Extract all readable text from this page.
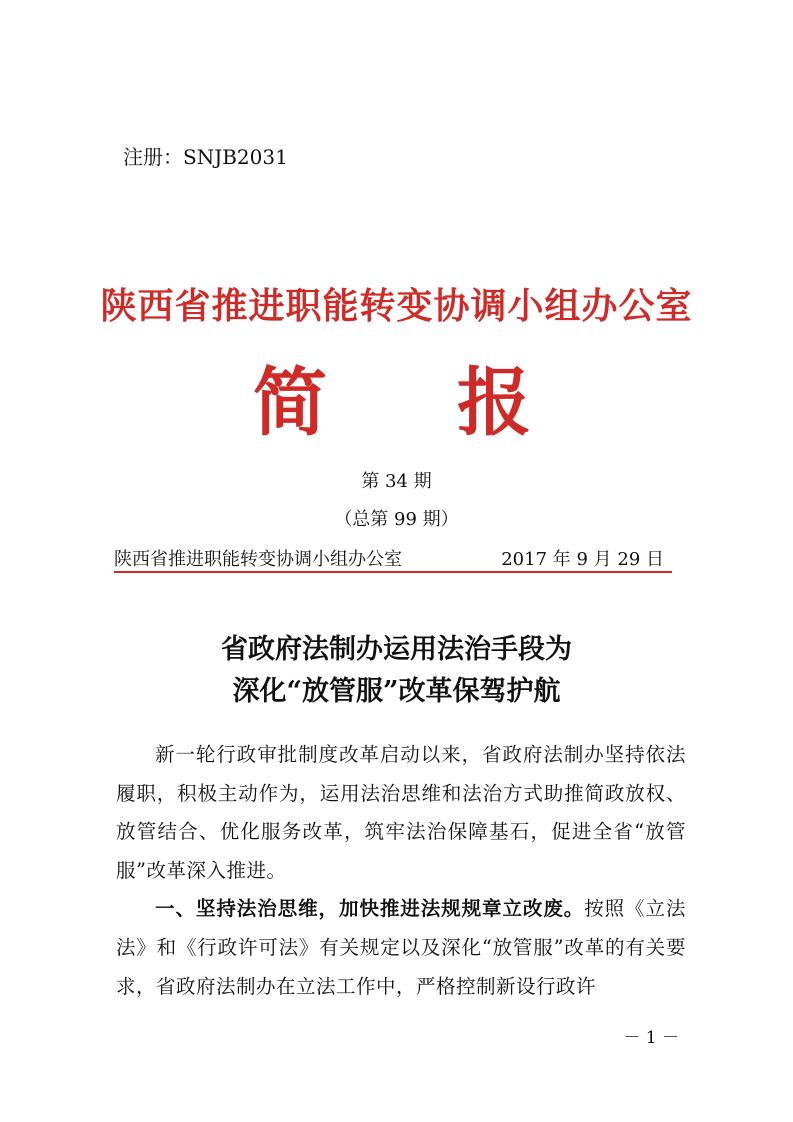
注册：SNJB2031
陕西省推进职能转变协调小组办公室
简 报
第 34 期
（总第 99 期）
陕西省推进职能转变协调小组办公室	2017 年 9 月 29 日
省政府法制办运用法治手段为
深化“放管服”改革保驾护航

新一轮行政审批制度改革启动以来，省政府法制办坚持依法履职，积极主动作为，运用法治思维和法治方式助推简政放权、放管结合、优化服务改革，筑牢法治保障基石，促进全省“放管服”改革深入推进。

一、坚持法治思维，加快推进法规规章立改废。按照《立法法》和《行政许可法》有关规定以及深化“放管服”改革的有关要求，省政府法制办在立法工作中，严格控制新设行政许

－ 1 －
